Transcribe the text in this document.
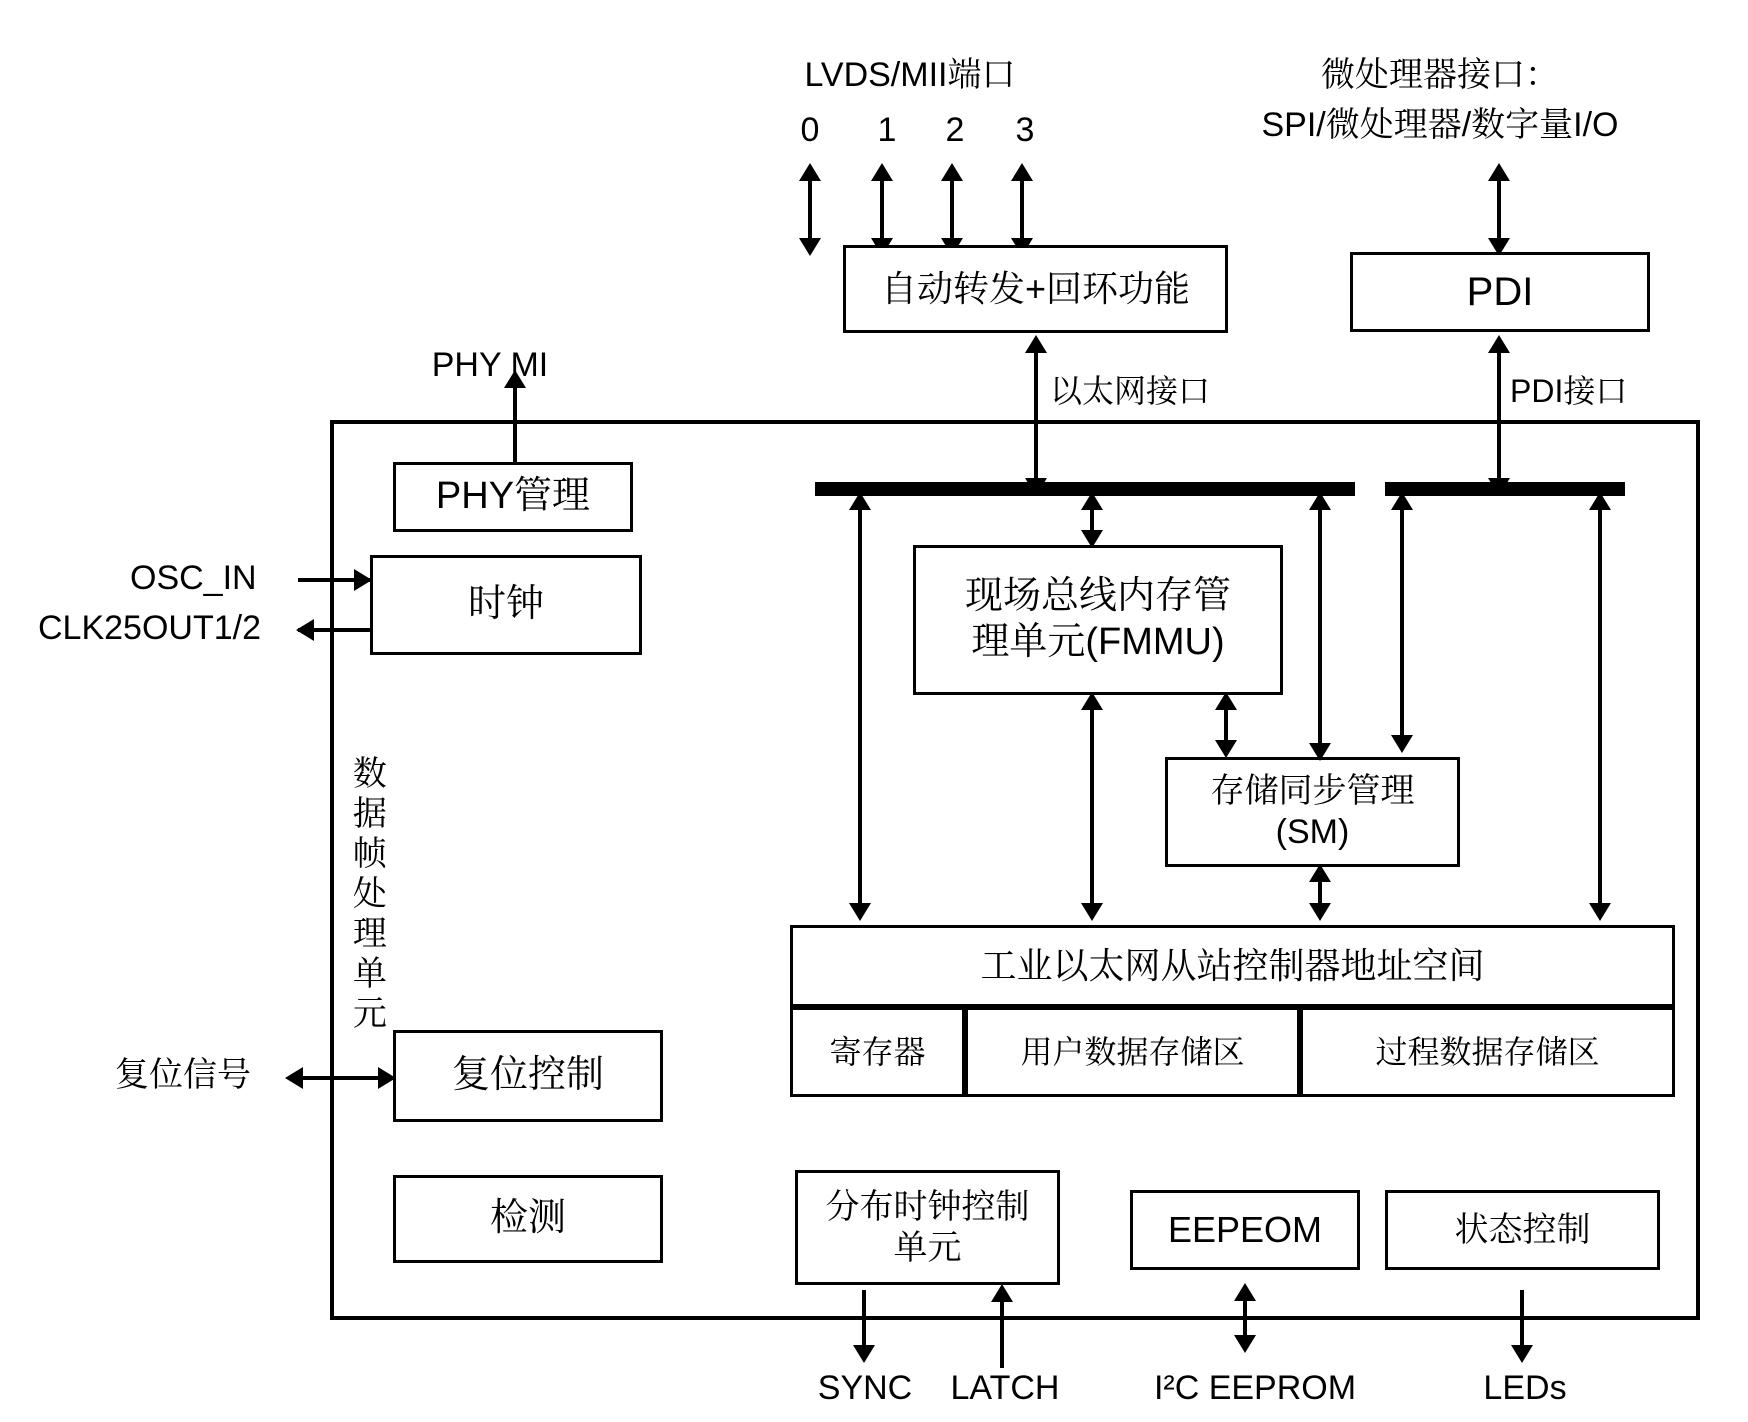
LVDS/MII端口
0	1	2	3
微处理器接口：
SPI/微处理器/数字量I/O
自动转发+回环功能	PDI
以太网接口	PDI接口
PHY MI
PHY管理
时钟
OSC_IN
CLK25OUT1/2

数据帧处理单元

复位控制
复位信号
检测
现场总线内存管
理单元(FMMU)
存储同步管理
(SM)
工业以太网从站控制器地址空间
寄存器	用户数据存储区	过程数据存储区
分布时钟控制
单元	EEPEOM	状态控制
SYNC	LATCH	I²C EEPROM	LEDs
